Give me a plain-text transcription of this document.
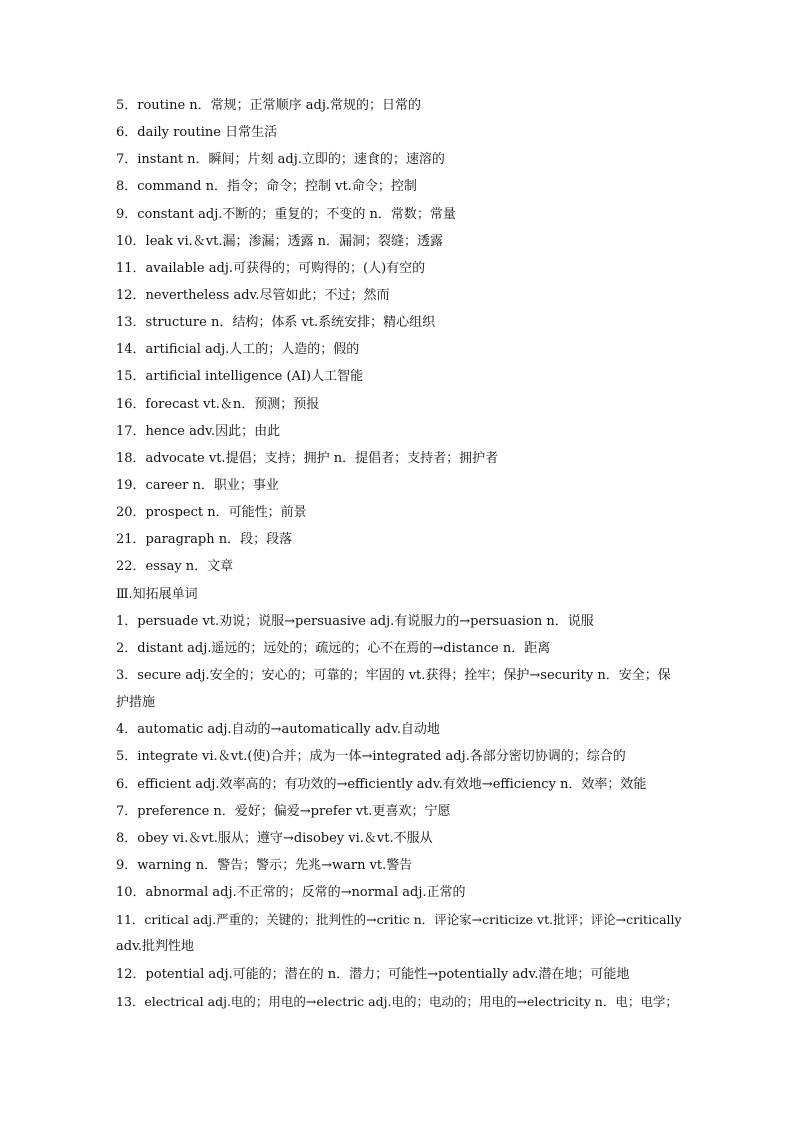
5．routine n．常规；正常顺序 adj.常规的；日常的
6．daily routine 日常生活
7．instant n．瞬间；片刻 adj.立即的；速食的；速溶的
8．command n．指令；命令；控制 vt.命令；控制
9．constant adj.不断的；重复的；不变的 n．常数；常量
10．leak vi.＆vt.漏；渗漏；透露 n．漏洞；裂缝；透露
11．available adj.可获得的；可购得的；(人)有空的
12．nevertheless adv.尽管如此；不过；然而
13．structure n．结构；体系 vt.系统安排；精心组织
14．artificial adj.人工的；人造的；假的
15．artificial intelligence (AI)人工智能
16．forecast vt.＆n．预测；预报
17．hence adv.因此；由此
18．advocate vt.提倡；支持；拥护 n．提倡者；支持者；拥护者
19．career n．职业；事业
20．prospect n．可能性；前景
21．paragraph n．段；段落
22．essay n．文章
Ⅲ.知拓展单词
1．persuade vt.劝说；说服→persuasive adj.有说服力的→persuasion n．说服
2．distant adj.遥远的；远处的；疏远的；心不在焉的→distance n．距离
3．secure adj.安全的；安心的；可靠的；牢固的 vt.获得；拴牢；保护→security n．安全；保
护措施
4．automatic adj.自动的→automatically adv.自动地
5．integrate vi.＆vt.(使)合并；成为一体→integrated adj.各部分密切协调的；综合的
6．efficient adj.效率高的；有功效的→efficiently adv.有效地→efficiency n．效率；效能
7．preference n．爱好；偏爱→prefer vt.更喜欢；宁愿
8．obey vi.＆vt.服从；遵守→disobey vi.＆vt.不服从
9．warning n．警告；警示；先兆→warn vt.警告
10．abnormal adj.不正常的；反常的→normal adj.正常的
11．critical adj.严重的；关键的；批判性的→critic n．评论家→criticize vt.批评；评论→critically
adv.批判性地
12．potential adj.可能的；潜在的 n．潜力；可能性→potentially adv.潜在地；可能地
13．electrical adj.电的；用电的→electric adj.电的；电动的；用电的→electricity n．电；电学；
